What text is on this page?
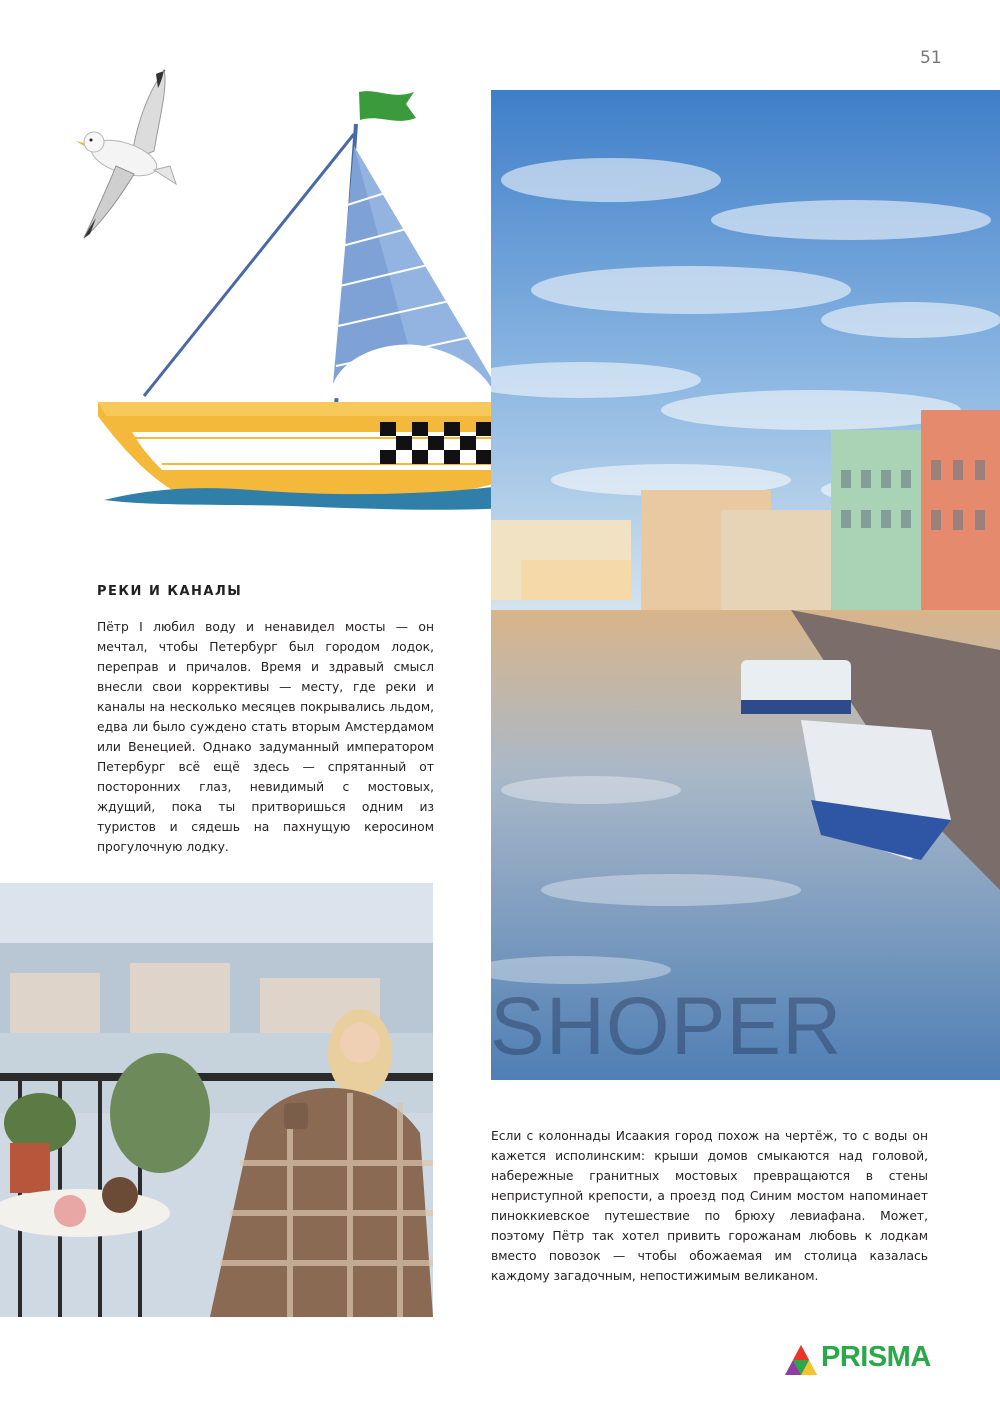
51
SHOPER
РЕКИ И КАНАЛЫ
Пётр I любил воду и ненавидел мосты — он мечтал, чтобы Петербург был городом лодок, переправ и причалов. Время и здравый смысл внесли свои коррективы — месту, где реки и каналы на несколько месяцев покрывались льдом, едва ли было суждено стать вторым Амстердамом или Венецией. Однако задуманный императором Петербург всё ещё здесь — спрятанный от посторонних глаз, невидимый с мостовых, ждущий, пока ты притворишься одним из туристов и сядешь на пахнущую керосином прогулочную лодку.
Если с колоннады Исаакия город похож на чертёж, то с воды он кажется исполинским: крыши домов смыкаются над головой, набережные гранитных мостовых превращаются в стены неприступной крепости, а проезд под Синим мостом напоминает пиноккиевское путешествие по брюху левиафана. Может, поэтому Пётр так хотел привить горожанам любовь к лодкам вместо повозок — чтобы обожаемая им столица казалась каждому загадочным, непостижимым великаном.
PRISMA
